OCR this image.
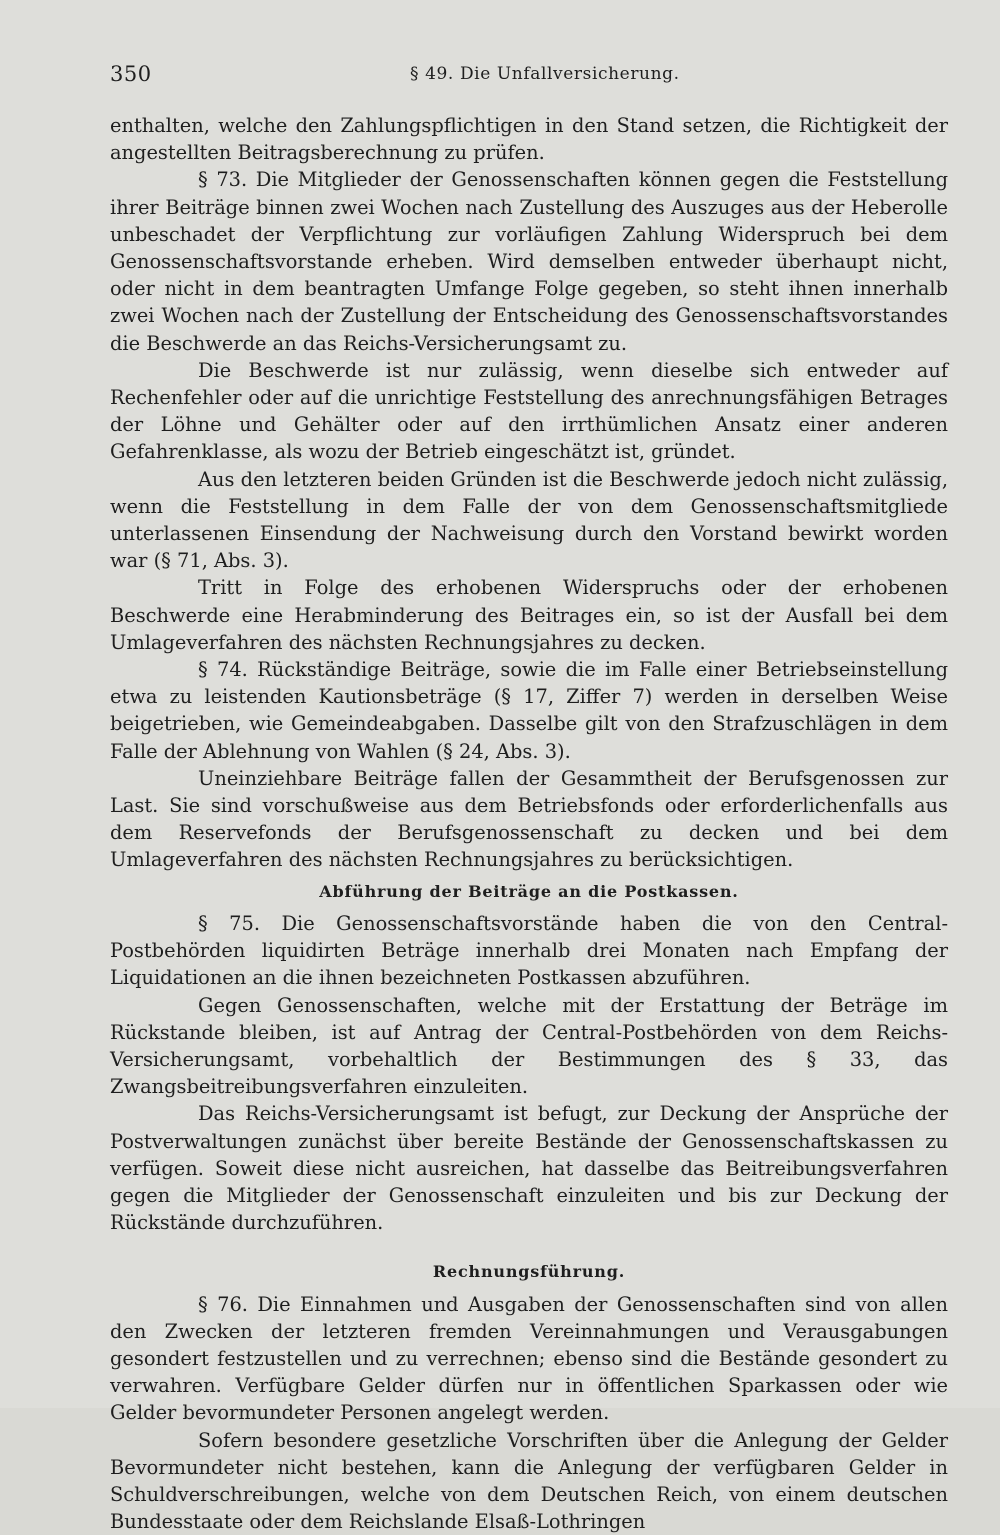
350	§ 49. Die Unfallversicherung.

enthalten, welche den Zahlungspflichtigen in den Stand setzen, die Richtigkeit der angestellten Beitragsberechnung zu prüfen.

§ 73. Die Mitglieder der Genossenschaften können gegen die Feststellung ihrer Beiträge binnen zwei Wochen nach Zustellung des Auszuges aus der Heberolle unbeschadet der Verpflichtung zur vorläufigen Zahlung Widerspruch bei dem Genossenschaftsvorstande erheben. Wird demselben entweder überhaupt nicht, oder nicht in dem beantragten Umfange Folge gegeben, so steht ihnen innerhalb zwei Wochen nach der Zustellung der Entscheidung des Genossenschaftsvorstandes die Beschwerde an das Reichs-Versicherungsamt zu.

Die Beschwerde ist nur zulässig, wenn dieselbe sich entweder auf Rechenfehler oder auf die unrichtige Feststellung des anrechnungsfähigen Betrages der Löhne und Gehälter oder auf den irrthümlichen Ansatz einer anderen Gefahrenklasse, als wozu der Betrieb eingeschätzt ist, gründet.

Aus den letzteren beiden Gründen ist die Beschwerde jedoch nicht zulässig, wenn die Feststellung in dem Falle der von dem Genossenschaftsmitgliede unterlassenen Einsendung der Nachweisung durch den Vorstand bewirkt worden war (§ 71, Abs. 3).

Tritt in Folge des erhobenen Widerspruchs oder der erhobenen Beschwerde eine Herabminderung des Beitrages ein, so ist der Ausfall bei dem Umlageverfahren des nächsten Rechnungsjahres zu decken.

§ 74. Rückständige Beiträge, sowie die im Falle einer Betriebseinstellung etwa zu leistenden Kautionsbeträge (§ 17, Ziffer 7) werden in derselben Weise beigetrieben, wie Gemeindeabgaben. Dasselbe gilt von den Strafzuschlägen in dem Falle der Ablehnung von Wahlen (§ 24, Abs. 3).

Uneinziehbare Beiträge fallen der Gesammtheit der Berufsgenossen zur Last. Sie sind vorschußweise aus dem Betriebsfonds oder erforderlichenfalls aus dem Reservefonds der Berufsgenossenschaft zu decken und bei dem Umlageverfahren des nächsten Rechnungsjahres zu berücksichtigen.

Abführung der Beiträge an die Postkassen.

§ 75. Die Genossenschaftsvorstände haben die von den Central-Postbehörden liquidirten Beträge innerhalb drei Monaten nach Empfang der Liquidationen an die ihnen bezeichneten Postkassen abzuführen.

Gegen Genossenschaften, welche mit der Erstattung der Beträge im Rückstande bleiben, ist auf Antrag der Central-Postbehörden von dem Reichs-Versicherungsamt, vorbehaltlich der Bestimmungen des § 33, das Zwangsbeitreibungsverfahren einzuleiten.

Das Reichs-Versicherungsamt ist befugt, zur Deckung der Ansprüche der Postverwaltungen zunächst über bereite Bestände der Genossenschaftskassen zu verfügen. Soweit diese nicht ausreichen, hat dasselbe das Beitreibungsverfahren gegen die Mitglieder der Genossenschaft einzuleiten und bis zur Deckung der Rückstände durchzuführen.

Rechnungsführung.

§ 76. Die Einnahmen und Ausgaben der Genossenschaften sind von allen den Zwecken der letzteren fremden Vereinnahmungen und Verausgabungen gesondert festzustellen und zu verrechnen; ebenso sind die Bestände gesondert zu verwahren. Verfügbare Gelder dürfen nur in öffentlichen Sparkassen oder wie Gelder bevormundeter Personen angelegt werden.

Sofern besondere gesetzliche Vorschriften über die Anlegung der Gelder Bevormundeter nicht bestehen, kann die Anlegung der verfügbaren Gelder in Schuldverschreibungen, welche von dem Deutschen Reich, von einem deutschen Bundesstaate oder dem Reichslande Elsaß-Lothringen
